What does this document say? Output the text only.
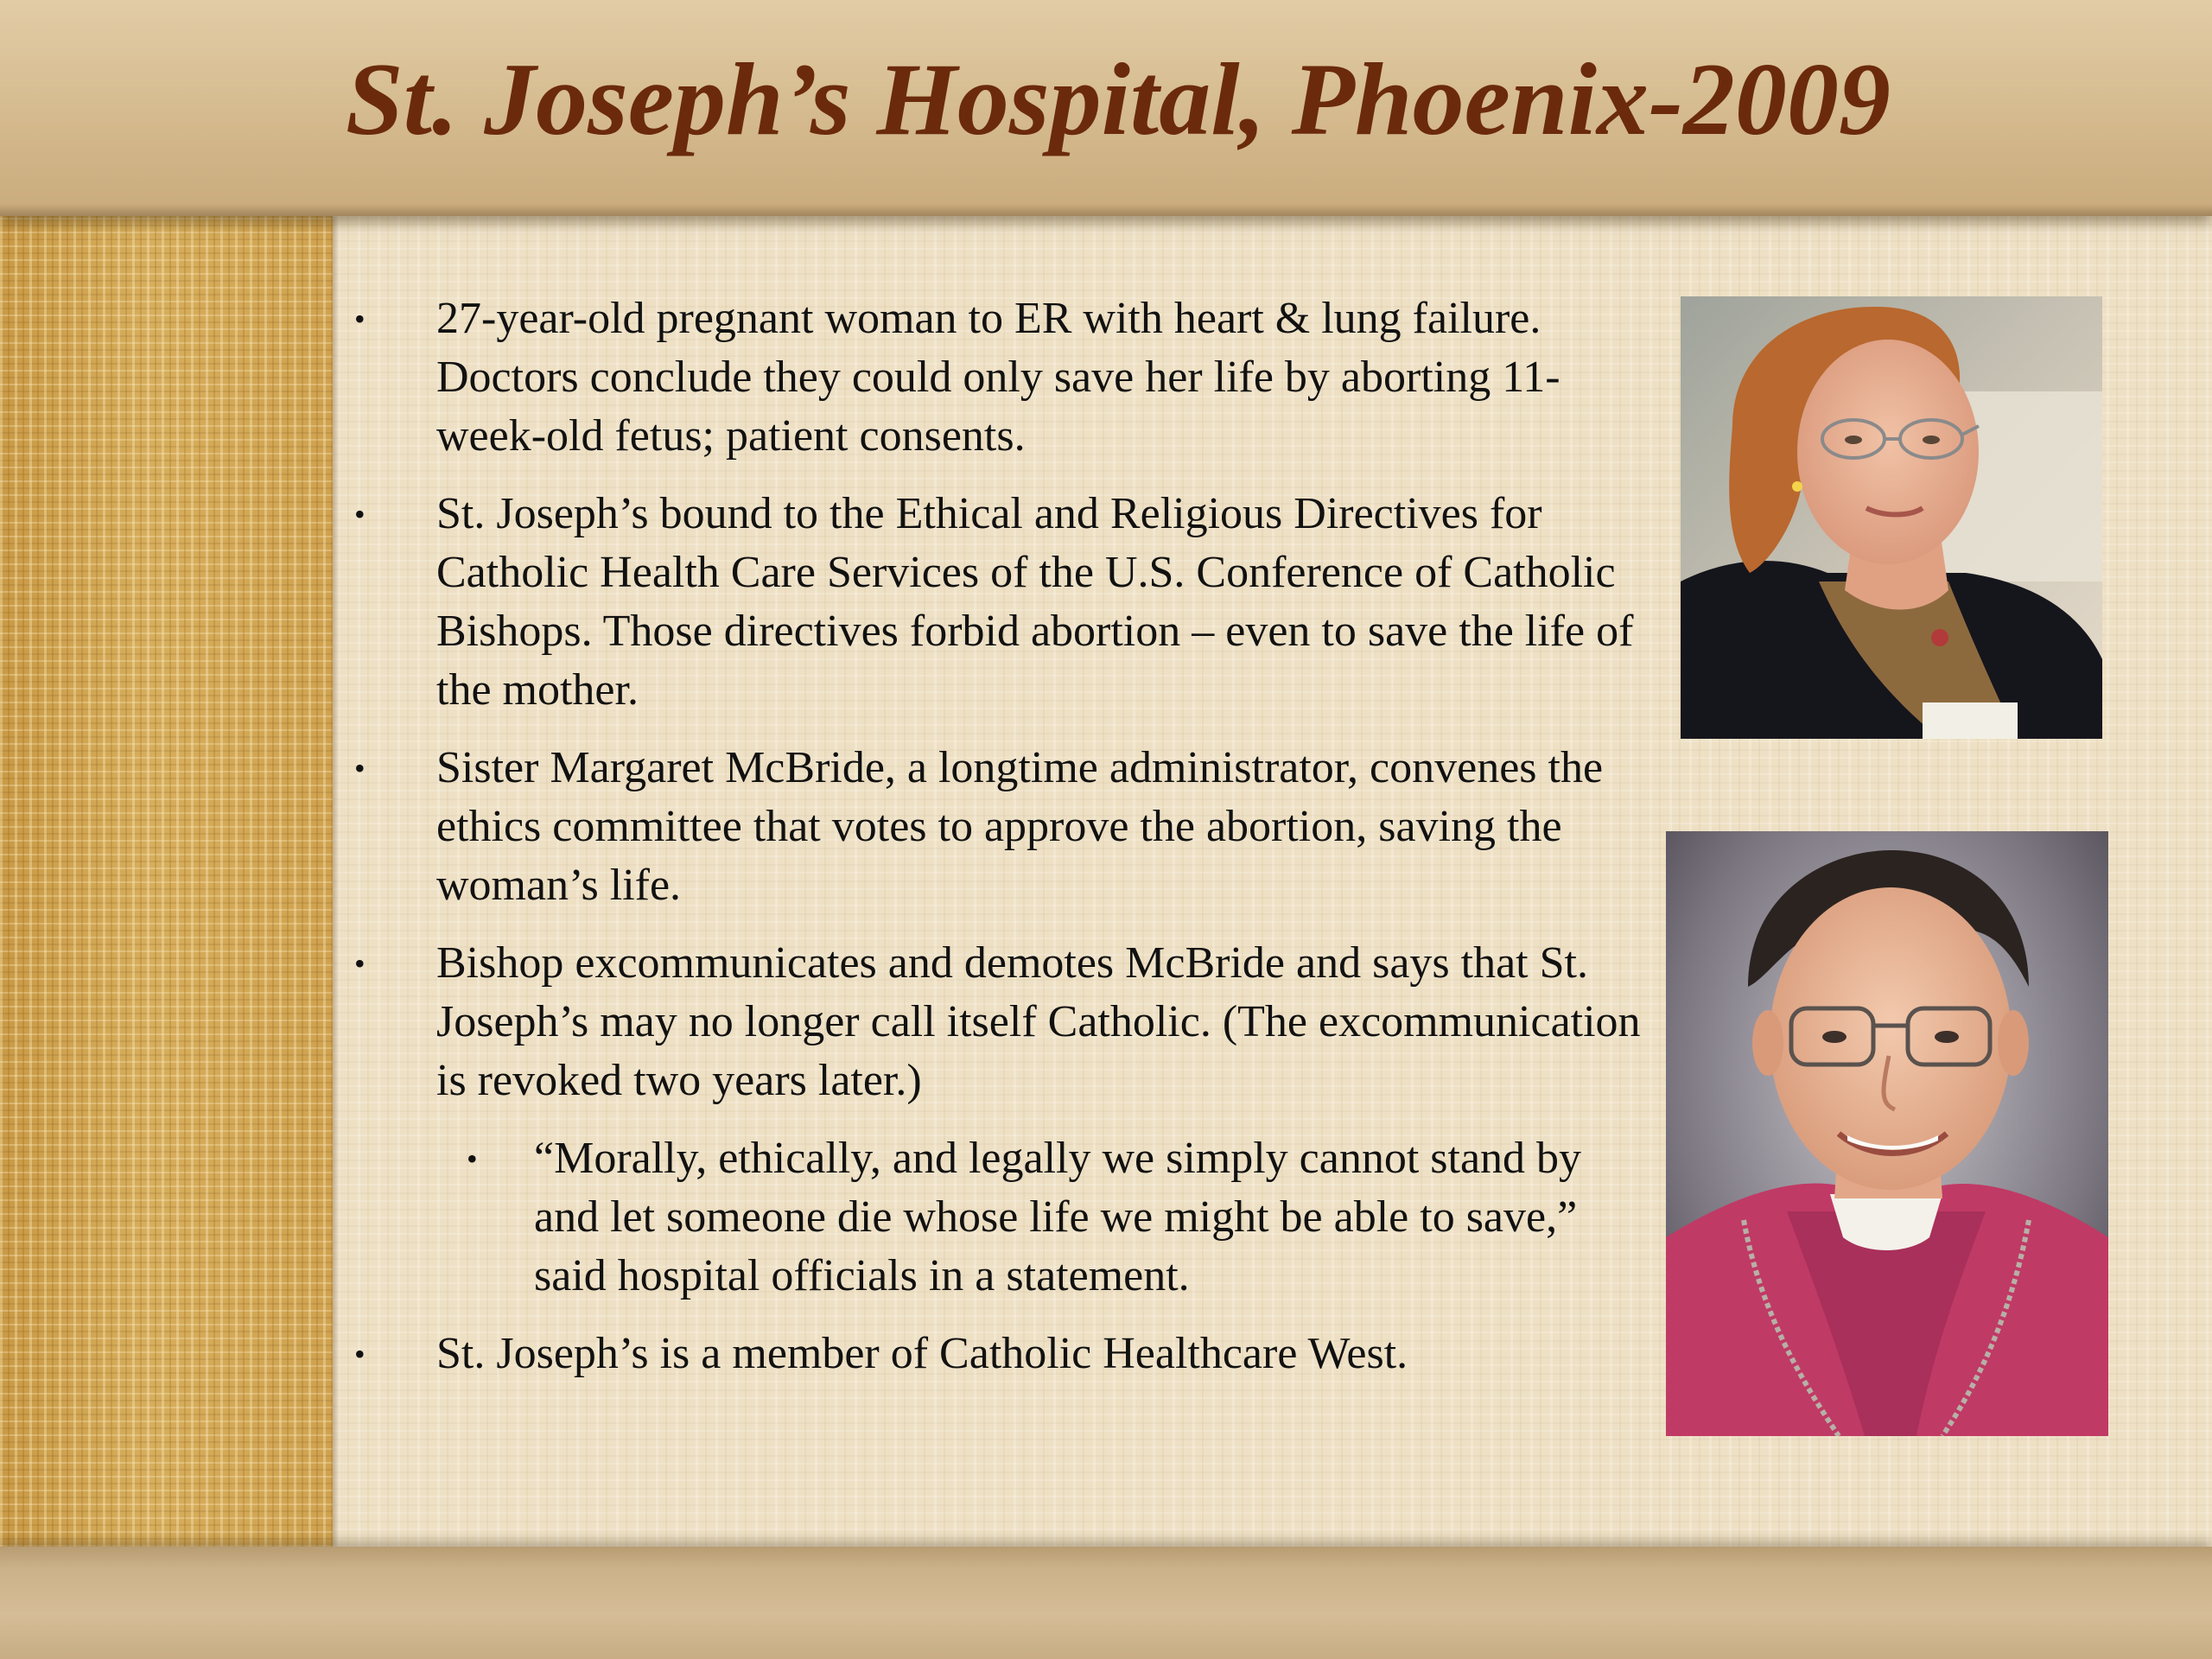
St. Joseph’s Hospital, Phoenix-2009
• 27-year-old pregnant woman to ER with heart & lung failure. Doctors conclude they could only save her life by aborting 11-week-old fetus; patient consents.
• St. Joseph’s bound to the Ethical and Religious Directives for Catholic Health Care Services of the U.S. Conference of Catholic Bishops. Those directives forbid abortion – even to save the life of the mother.
• Sister Margaret McBride, a longtime administrator, convenes the ethics committee that votes to approve the abortion, saving the woman’s life.
• Bishop excommunicates and demotes McBride and says that St. Joseph’s may no longer call itself Catholic. (The excommunication is revoked two years later.)
• “Morally, ethically, and legally we simply cannot stand by and let someone die whose life we might be able to save,” said hospital officials in a statement.
• St. Joseph’s is a member of Catholic Healthcare West.
